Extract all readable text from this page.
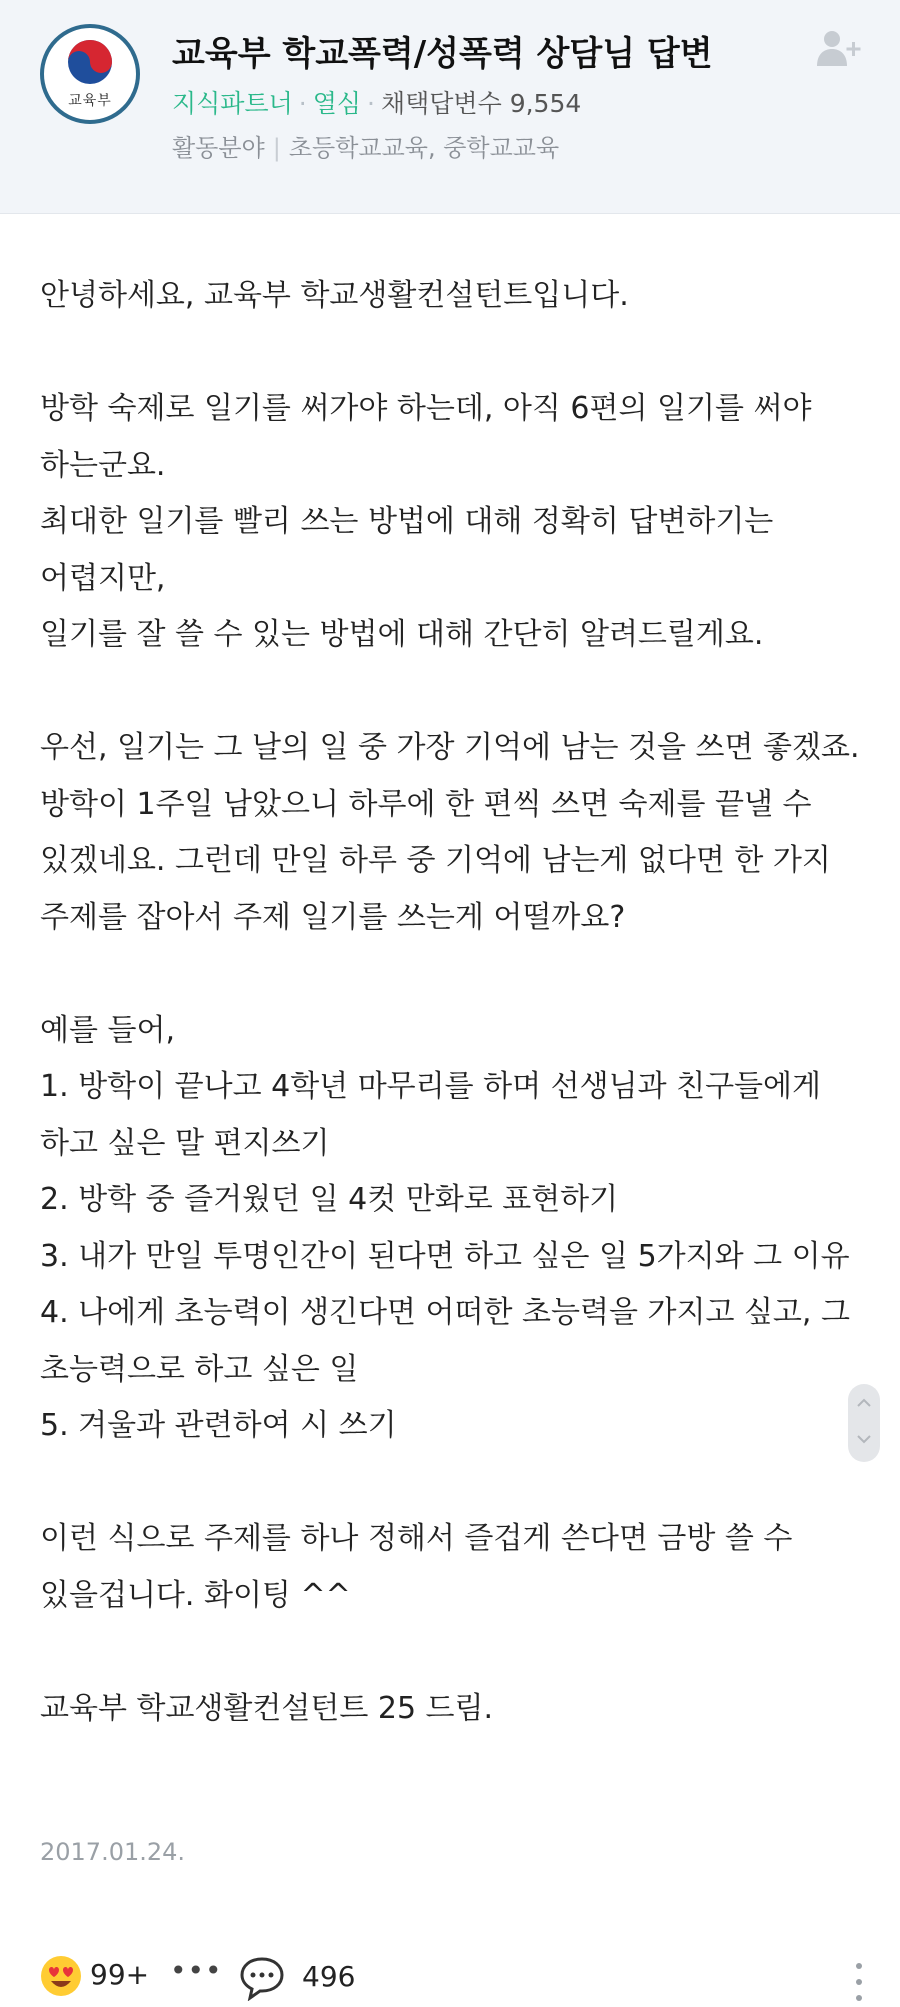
교육부
교육부 학교폭력/성폭력 상담님 답변
지식파트너 · 열심 · 채택답변수 9,554
활동분야 | 초등학교교육, 중학교교육
안녕하세요, 교육부 학교생활컨설턴트입니다.

방학 숙제로 일기를 써가야 하는데, 아직 6편의 일기를 써야 하는군요.
최대한 일기를 빨리 쓰는 방법에 대해 정확히 답변하기는 어렵지만,
일기를 잘 쓸 수 있는 방법에 대해 간단히 알려드릴게요.

우선, 일기는 그 날의 일 중 가장 기억에 남는 것을 쓰면 좋겠죠. 방학이 1주일 남았으니 하루에 한 편씩 쓰면 숙제를 끝낼 수 있겠네요. 그런데 만일 하루 중 기억에 남는게 없다면 한 가지 주제를 잡아서 주제 일기를 쓰는게 어떨까요?

예를 들어,
1. 방학이 끝나고 4학년 마무리를 하며 선생님과 친구들에게 하고 싶은 말 편지쓰기
2. 방학 중 즐거웠던 일 4컷 만화로 표현하기
3. 내가 만일 투명인간이 된다면 하고 싶은 일 5가지와 그 이유
4. 나에게 초능력이 생긴다면 어떠한 초능력을 가지고 싶고, 그 초능력으로 하고 싶은 일
5. 겨울과 관련하여 시 쓰기

이런 식으로 주제를 하나 정해서 즐겁게 쓴다면 금방 쓸 수 있을겁니다. 화이팅 ^^

교육부 학교생활컨설턴트 25 드림.
2017.01.24.
99+ •••	496
